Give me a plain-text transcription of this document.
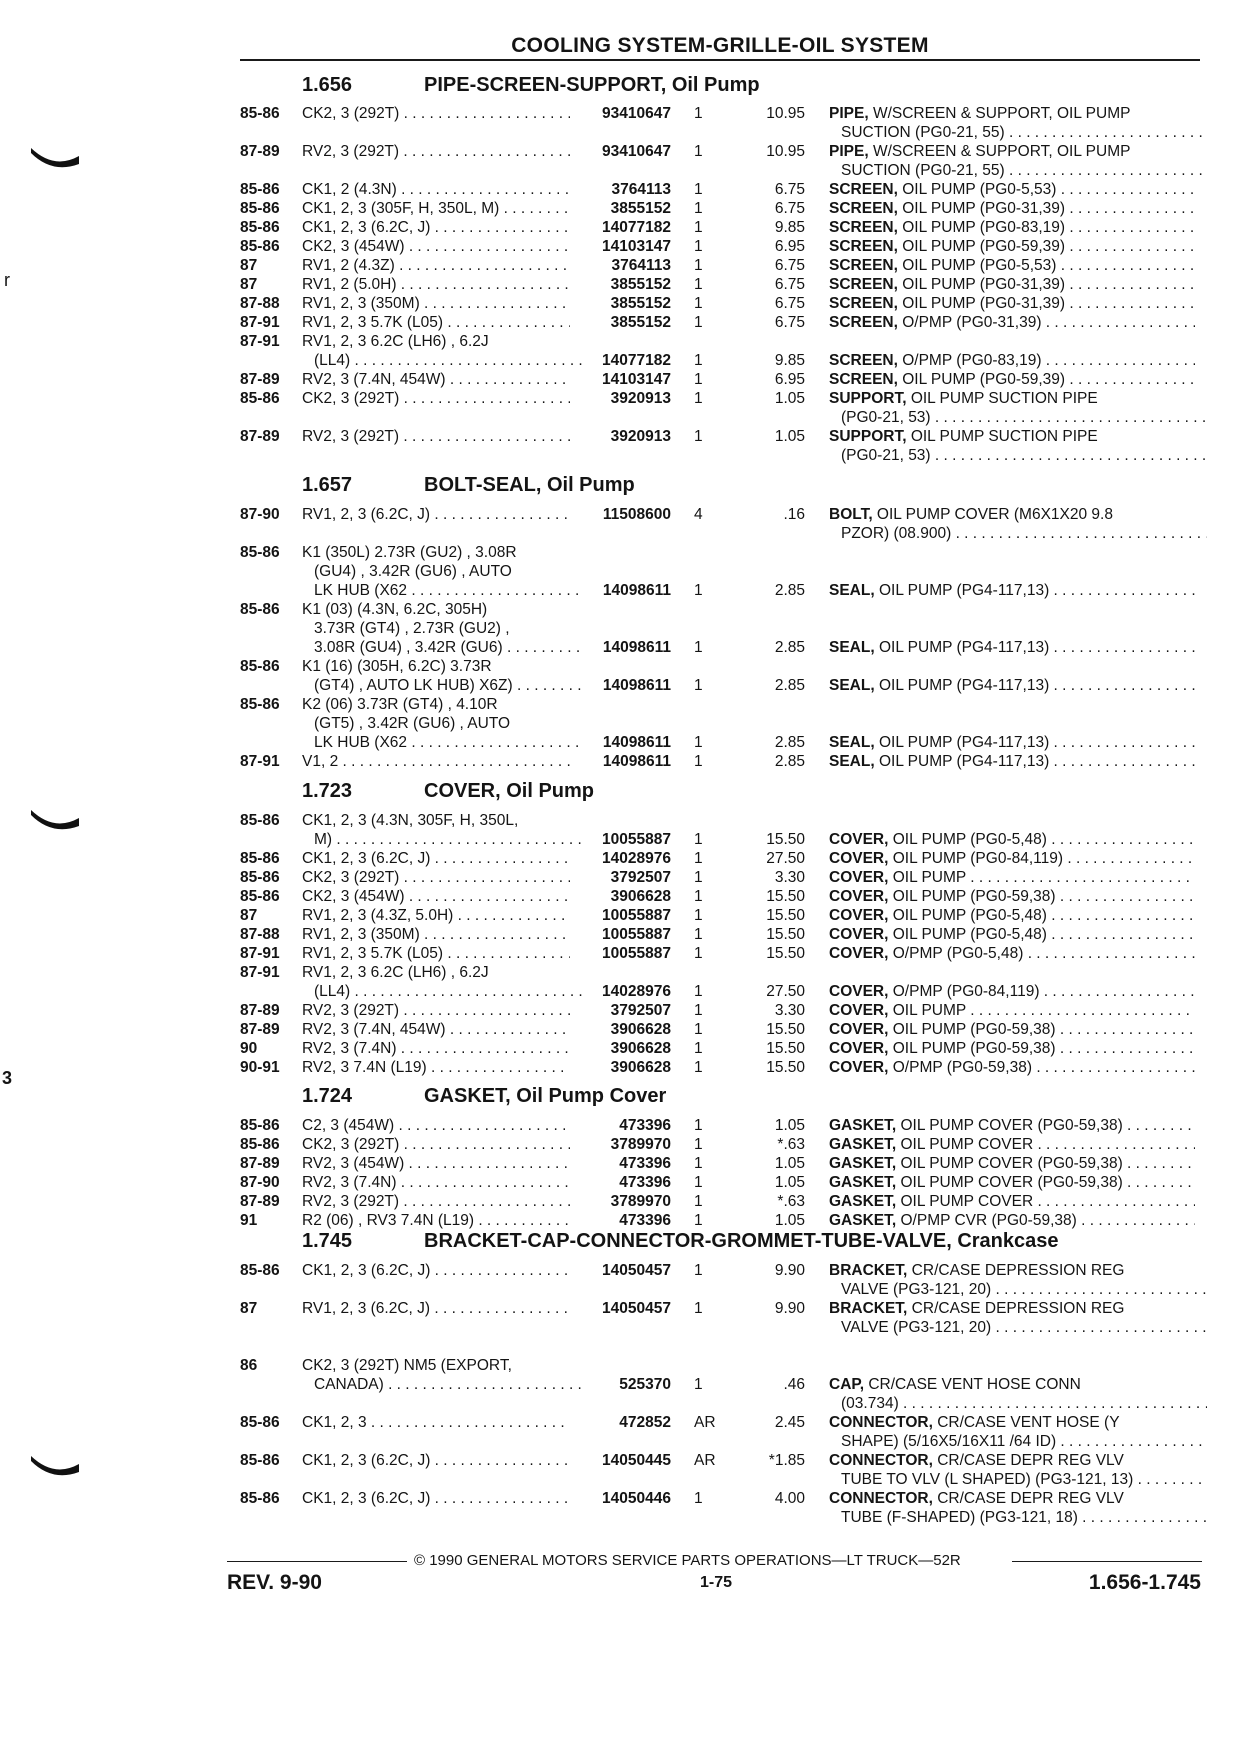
COOLING SYSTEM-GRILLE-OIL SYSTEM
1.656	PIPE-SCREEN-SUPPORT, Oil Pump
1.657	BOLT-SEAL, Oil Pump
1.723	COVER, Oil Pump
1.724	GASKET, Oil Pump Cover
1.745	BRACKET-CAP-CONNECTOR-GROMMET-TUBE-VALVE, Crankcase
85-86 CK2, 3 (292T) . . .	93410647 1	10.95 PIPE, W/SCREEN & SUPPORT, OIL PUMP
SUCTION (PG0-21, 55) . . .
87-89 RV2, 3 (292T) . . .	93410647 1	10.95 PIPE, W/SCREEN & SUPPORT, OIL PUMP
SUCTION (PG0-21, 55) . . .
85-86 CK1, 2 (4.3N) . . .	3764113 1	6.75 SCREEN, OIL PUMP (PG0-5,53) . . .
85-86 CK1, 2, 3 (305F, H, 350L, M) . . .	3855152 1	6.75 SCREEN, OIL PUMP (PG0-31,39) . . .
85-86 CK1, 2, 3 (6.2C, J) . . .	14077182 1	9.85 SCREEN, OIL PUMP (PG0-83,19) . . .
85-86 CK2, 3 (454W) . . .	14103147 1	6.95 SCREEN, OIL PUMP (PG0-59,39) . . .
87	RV1, 2 (4.3Z) . . .	3764113 1	6.75 SCREEN, OIL PUMP (PG0-5,53) . . .
87	RV1, 2 (5.0H) . . .	3855152 1	6.75 SCREEN, OIL PUMP (PG0-31,39) . . .
87-88 RV1, 2, 3 (350M) . . .	3855152 1	6.75 SCREEN, OIL PUMP (PG0-31,39) . . .
87-91 RV1, 2, 3 5.7K (L05) . . .	3855152 1	6.75 SCREEN, O/PMP (PG0-31,39) . . .
87-91 RV1, 2, 3 6.2C (LH6) , 6.2J
(LL4) . . .	14077182 1	9.85 SCREEN, O/PMP (PG0-83,19) . . .
87-89 RV2, 3 (7.4N, 454W) . . .	14103147 1	6.95 SCREEN, OIL PUMP (PG0-59,39) . . .
85-86 CK2, 3 (292T) . . .	3920913 1	1.05 SUPPORT, OIL PUMP SUCTION PIPE
(PG0-21, 53) . . .
87-89 RV2, 3 (292T) . . .	3920913 1	1.05 SUPPORT, OIL PUMP SUCTION PIPE
(PG0-21, 53) . . .
87-90 RV1, 2, 3 (6.2C, J) . . .	11508600 4	.16 BOLT, OIL PUMP COVER (M6X1X20 9.8
PZOR) (08.900) . . .
85-86 K1 (350L) 2.73R (GU2) , 3.08R
(GU4) , 3.42R (GU6) , AUTO
LK HUB (X62 . . .	14098611 1	2.85 SEAL, OIL PUMP (PG4-117,13) . . .
85-86 K1 (03) (4.3N, 6.2C, 305H)
3.73R (GT4) , 2.73R (GU2) ,
3.08R (GU4) , 3.42R (GU6) . . .	14098611 1	2.85 SEAL, OIL PUMP (PG4-117,13) . . .
85-86 K1 (16) (305H, 6.2C) 3.73R
(GT4) , AUTO LK HUB) X6Z) . . .	14098611 1	2.85 SEAL, OIL PUMP (PG4-117,13) . . .
85-86 K2 (06) 3.73R (GT4) , 4.10R
(GT5) , 3.42R (GU6) , AUTO
LK HUB (X62 . . .	14098611 1	2.85 SEAL, OIL PUMP (PG4-117,13) . . .
87-91 V1, 2 . . .	14098611 1	2.85 SEAL, OIL PUMP (PG4-117,13) . . .
85-86 CK1, 2, 3 (4.3N, 305F, H, 350L,
M) . . .	10055887 1	15.50 COVER, OIL PUMP (PG0-5,48) . . .
85-86 CK1, 2, 3 (6.2C, J) . . .	14028976 1	27.50 COVER, OIL PUMP (PG0-84,119) . . .
85-86 CK2, 3 (292T) . . .	3792507 1	3.30 COVER, OIL PUMP . . .
85-86 CK2, 3 (454W) . . .	3906628 1	15.50 COVER, OIL PUMP (PG0-59,38) . . .
87	RV1, 2, 3 (4.3Z, 5.0H) . . .	10055887 1	15.50 COVER, OIL PUMP (PG0-5,48) . . .
87-88 RV1, 2, 3 (350M) . . .	10055887 1	15.50 COVER, OIL PUMP (PG0-5,48) . . .
87-91 RV1, 2, 3 5.7K (L05) . . .	10055887 1	15.50 COVER, O/PMP (PG0-5,48) . . .
87-91 RV1, 2, 3 6.2C (LH6) , 6.2J
(LL4) . . .	14028976 1	27.50 COVER, O/PMP (PG0-84,119) . . .
87-89 RV2, 3 (292T) . . .	3792507 1	3.30 COVER, OIL PUMP . . .
87-89 RV2, 3 (7.4N, 454W) . . .	3906628 1	15.50 COVER, OIL PUMP (PG0-59,38) . . .
90	RV2, 3 (7.4N) . . .	3906628 1	15.50 COVER, OIL PUMP (PG0-59,38) . . .
90-91 RV2, 3 7.4N (L19) . . .	3906628 1	15.50 COVER, O/PMP (PG0-59,38) . . .
85-86 C2, 3 (454W) . . .	473396 1	1.05 GASKET, OIL PUMP COVER (PG0-59,38) . . .
85-86 CK2, 3 (292T) . . .	3789970 1	*.63 GASKET, OIL PUMP COVER . . .
87-89 RV2, 3 (454W) . . .	473396 1	1.05 GASKET, OIL PUMP COVER (PG0-59,38) . . .
87-90 RV2, 3 (7.4N) . . .	473396 1	1.05 GASKET, OIL PUMP COVER (PG0-59,38) . . .
87-89 RV2, 3 (292T) . . .	3789970 1	*.63 GASKET, OIL PUMP COVER . . .
91	R2 (06) , RV3 7.4N (L19) . . .	473396 1	1.05 GASKET, O/PMP CVR (PG0-59,38) . . .
85-86 CK1, 2, 3 (6.2C, J) . . .	14050457 1	9.90 BRACKET, CR/CASE DEPRESSION REG
VALVE (PG3-121, 20) . . .
87	RV1, 2, 3 (6.2C, J) . . .	14050457 1	9.90 BRACKET, CR/CASE DEPRESSION REG
VALVE (PG3-121, 20) . . .
86	CK2, 3 (292T) NM5 (EXPORT,
CANADA) . . .	525370 1	.46 CAP, CR/CASE VENT HOSE CONN
(03.734) . . .
85-86 CK1, 2, 3 . . .	472852 AR	2.45 CONNECTOR, CR/CASE VENT HOSE (Y
SHAPE) (5/16X5/16X11 /64 ID) . . .
85-86 CK1, 2, 3 (6.2C, J) . . .	14050445 AR	*1.85 CONNECTOR, CR/CASE DEPR REG VLV
TUBE TO VLV (L SHAPED) (PG3-121, 13) . . .
85-86 CK1, 2, 3 (6.2C, J) . . .	14050446 1	4.00 CONNECTOR, CR/CASE DEPR REG VLV
TUBE (F-SHAPED) (PG3-121, 18) . . .
r
3
© 1990 GENERAL MOTORS SERVICE PARTS OPERATIONS—LT TRUCK—52R
REV. 9-90	1-75	1.656-1.745
